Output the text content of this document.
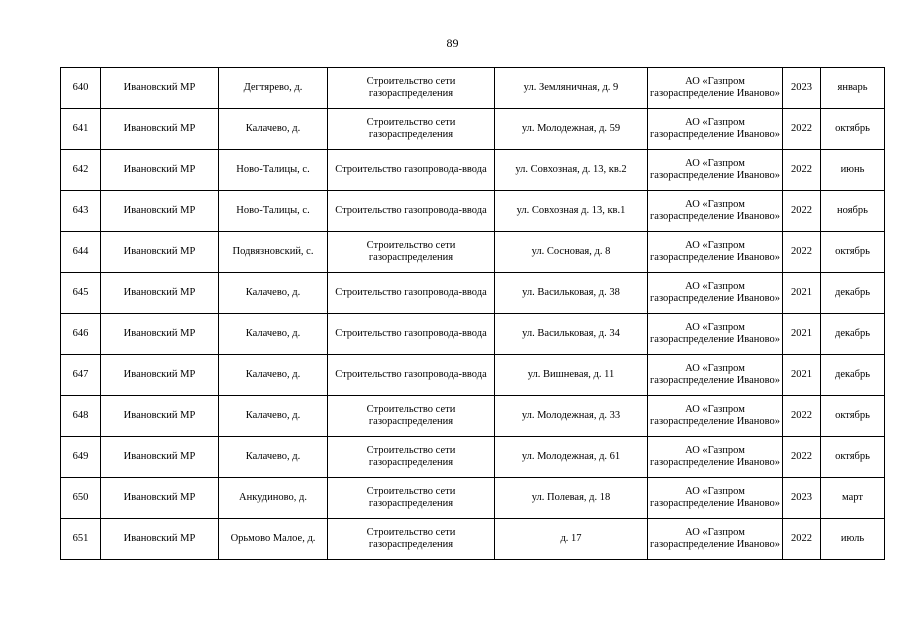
89
640	Ивановский МР	Дегтярево, д.	Строительство сети газораспределения	ул. Земляничная, д. 9	АО «Газпром газораспределение Иваново»	2023	январь
641	Ивановский МР	Калачево, д.	Строительство сети газораспределения	ул. Молодежная, д. 59	АО «Газпром газораспределение Иваново»	2022	октябрь
642	Ивановский МР	Ново-Талицы, с.	Строительство газопровода-ввода	ул. Совхозная, д. 13, кв.2	АО «Газпром газораспределение Иваново»	2022	июнь
643	Ивановский МР	Ново-Талицы, с.	Строительство газопровода-ввода	ул. Совхозная д. 13, кв.1	АО «Газпром газораспределение Иваново»	2022	ноябрь
644	Ивановский МР	Подвязновский, с.	Строительство сети газораспределения	ул. Сосновая, д. 8	АО «Газпром газораспределение Иваново»	2022	октябрь
645	Ивановский МР	Калачево, д.	Строительство газопровода-ввода	ул. Васильковая, д. 38	АО «Газпром газораспределение Иваново»	2021	декабрь
646	Ивановский МР	Калачево, д.	Строительство газопровода-ввода	ул. Васильковая, д. 34	АО «Газпром газораспределение Иваново»	2021	декабрь
647	Ивановский МР	Калачево, д.	Строительство газопровода-ввода	ул. Вишневая, д. 11	АО «Газпром газораспределение Иваново»	2021	декабрь
648	Ивановский МР	Калачево, д.	Строительство сети газораспределения	ул. Молодежная, д. 33	АО «Газпром газораспределение Иваново»	2022	октябрь
649	Ивановский МР	Калачево, д.	Строительство сети газораспределения	ул. Молодежная, д. 61	АО «Газпром газораспределение Иваново»	2022	октябрь
650	Ивановский МР	Анкудиново, д.	Строительство сети газораспределения	ул. Полевая, д. 18	АО «Газпром газораспределение Иваново»	2023	март
651	Ивановский МР	Орьмово Малое, д.	Строительство сети газораспределения	д. 17	АО «Газпром газораспределение Иваново»	2022	июль
